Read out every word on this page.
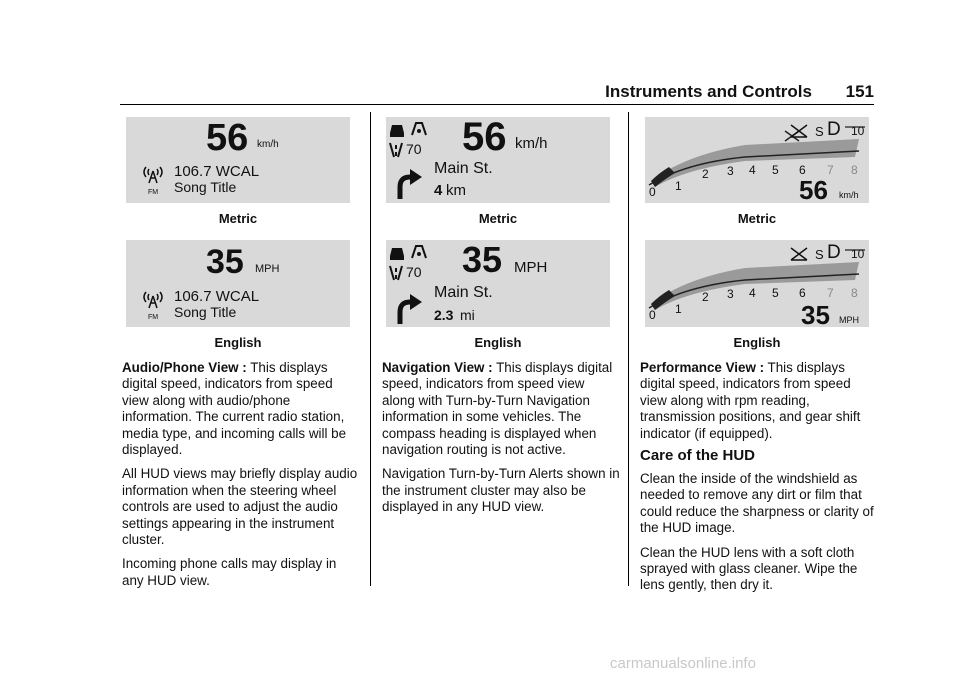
Instruments and Controls 151
56 km/h
FM
106.7 WCAL
Song Title
Metric
35 MPH
FM
106.7 WCAL
Song Title
English

Audio/Phone View : This displays digital speed, indicators from speed view along with audio/phone information. The current radio station, media type, and incoming calls will be displayed.

All HUD views may briefly display audio information when the steering wheel controls are used to adjust the audio settings appearing in the instrument cluster.

Incoming phone calls may display in any HUD view.

70 56 km/h
Main St.
4 km
Metric
70 35 MPH
Main St.
2.3 mi
English

Navigation View : This displays digital speed, indicators from speed view along with Turn-by-Turn Navigation information in some vehicles. The compass heading is displayed when navigation routing is not active.

Navigation Turn-by-Turn Alerts shown in the instrument cluster may also be displayed in any HUD view.

S D 10
0 1
2 3 4 5 6 7 8
56 km/h
Metric
S D 10
0 1
2 3 4 5 6 7 8
35 MPH
English

Performance View : This displays digital speed, indicators from speed view along with rpm reading, transmission positions, and gear shift indicator (if equipped).

Care of the HUD

Clean the inside of the windshield as needed to remove any dirt or film that could reduce the sharpness or clarity of the HUD image.

Clean the HUD lens with a soft cloth sprayed with glass cleaner. Wipe the lens gently, then dry it.

carmanualsonline.info
